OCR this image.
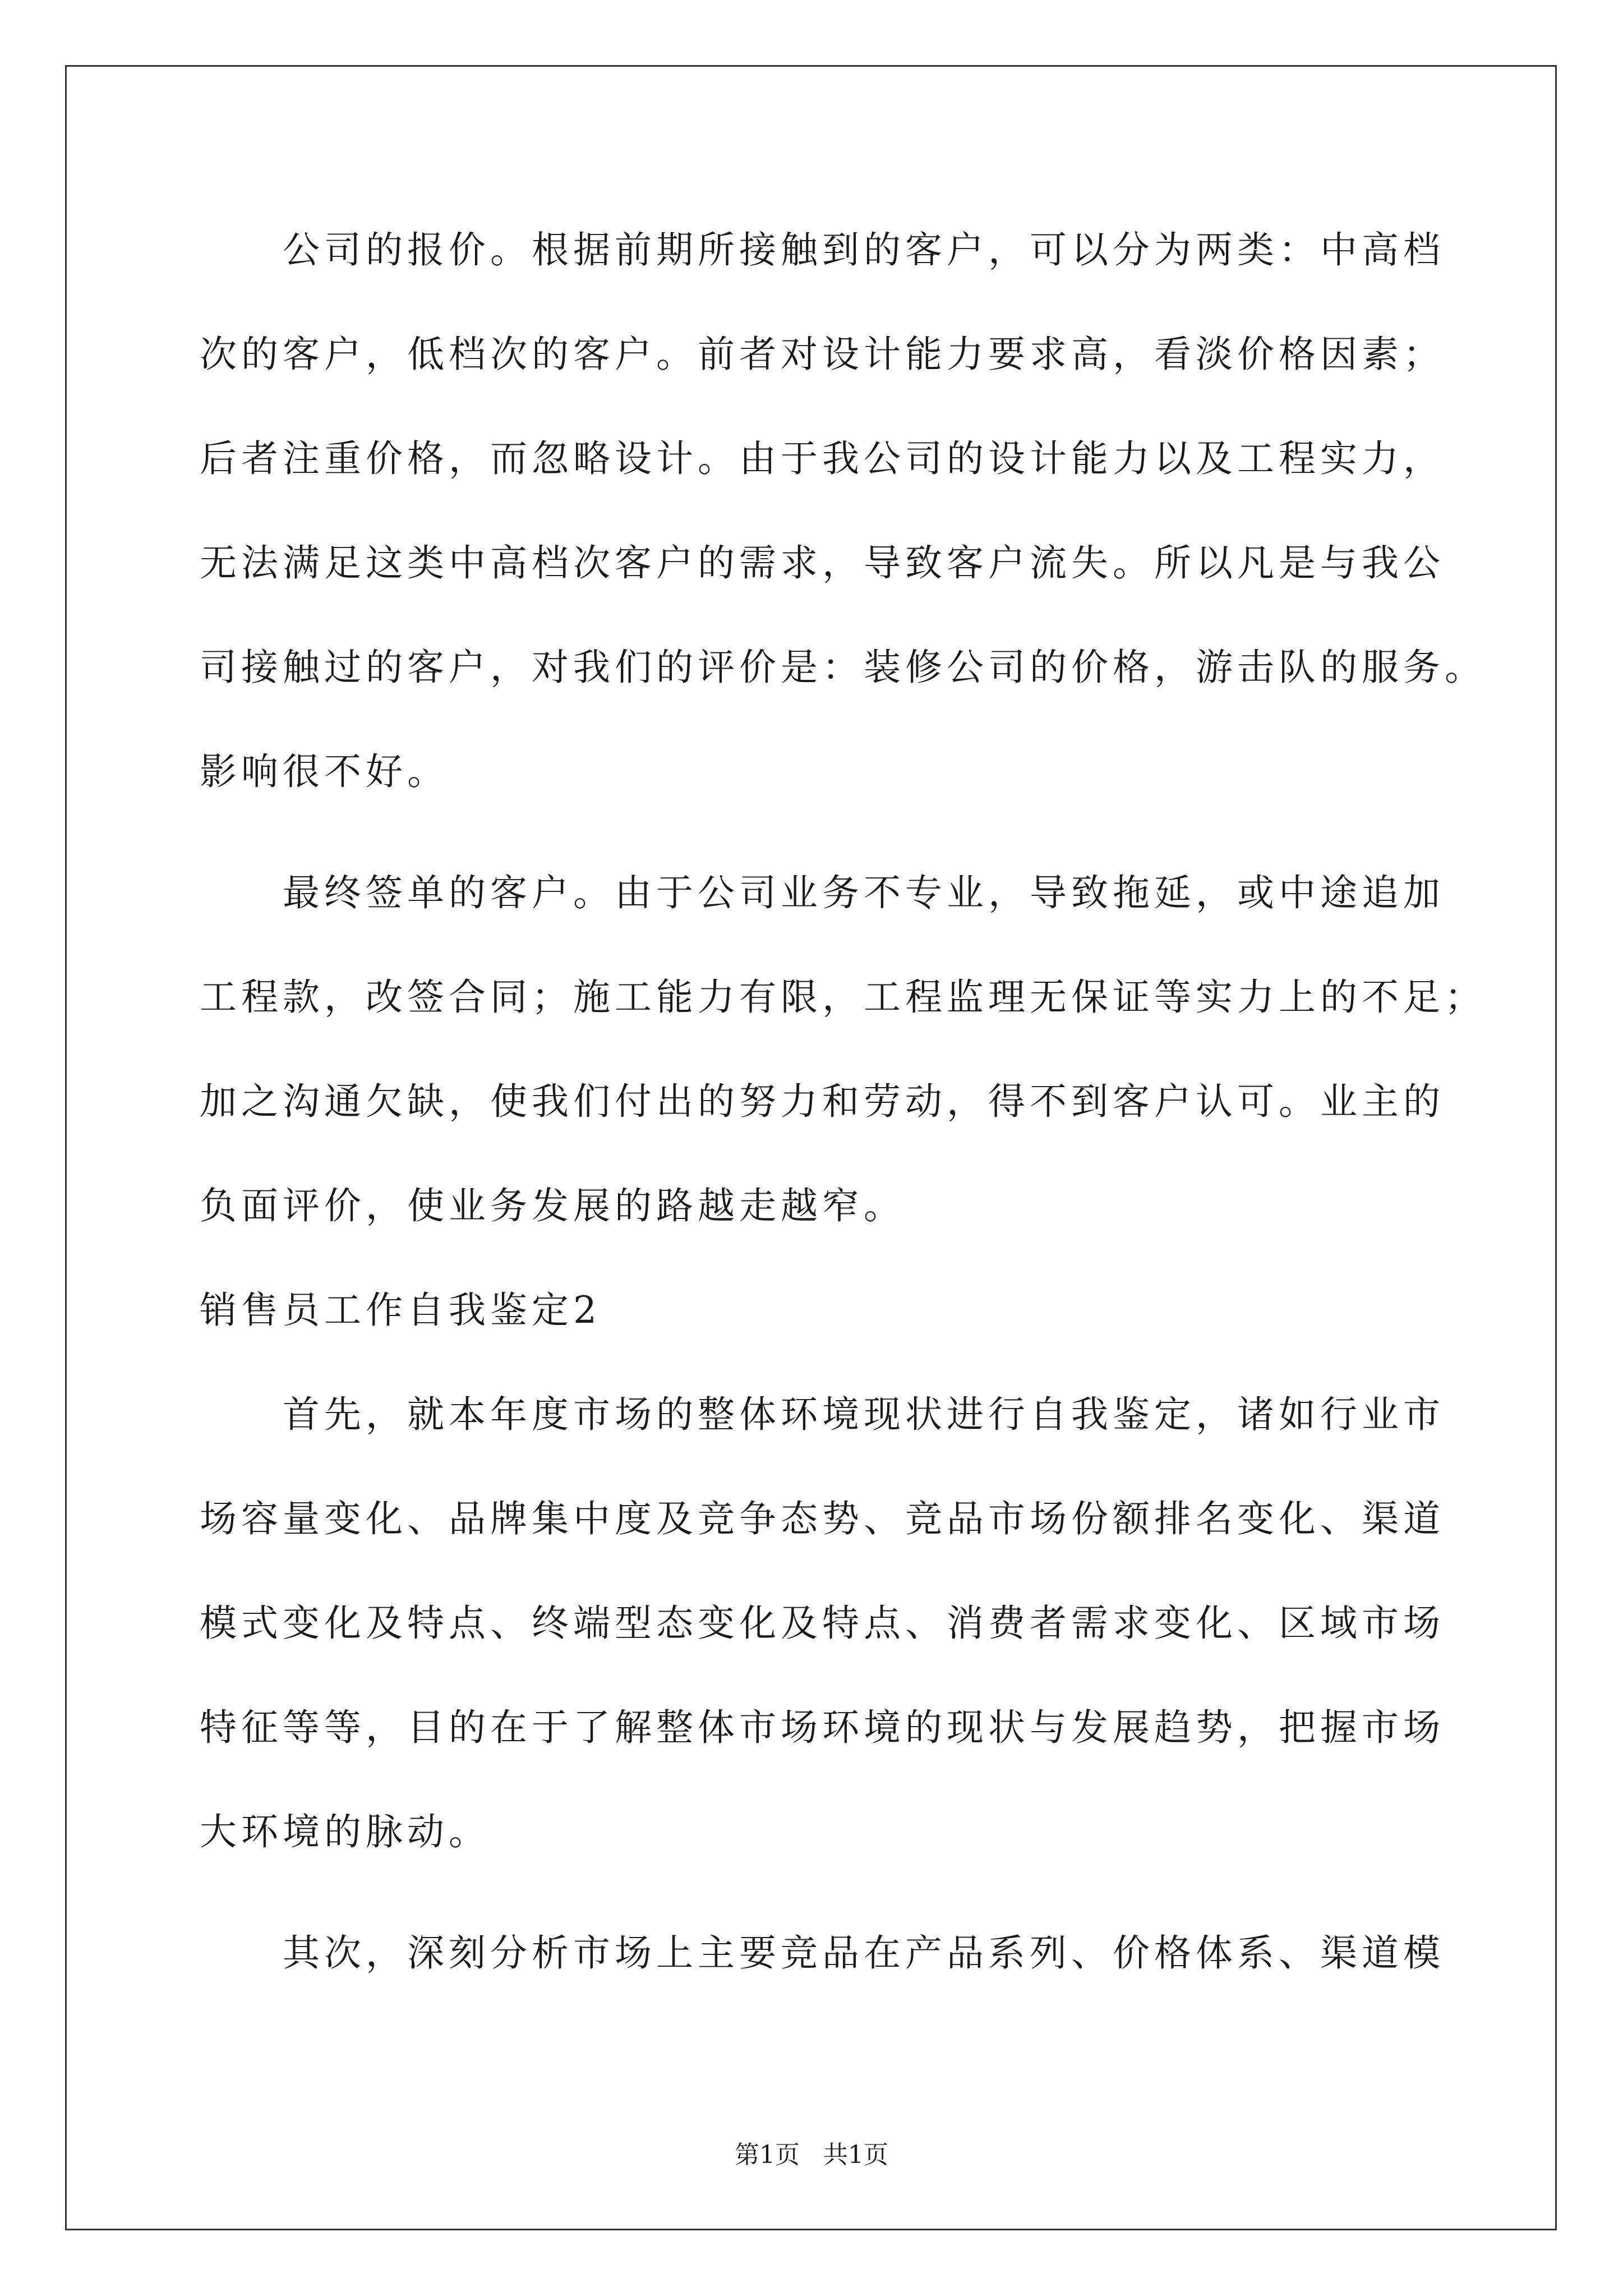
　　公司的报价。根据前期所接触到的客户，可以分为两类：中高档
次的客户，低档次的客户。前者对设计能力要求高，看淡价格因素；
后者注重价格，而忽略设计。由于我公司的设计能力以及工程实力，
无法满足这类中高档次客户的需求，导致客户流失。所以凡是与我公
司接触过的客户，对我们的评价是：装修公司的价格，游击队的服务。
影响很不好。
　　最终签单的客户。由于公司业务不专业，导致拖延，或中途追加
工程款，改签合同；施工能力有限，工程监理无保证等实力上的不足；
加之沟通欠缺，使我们付出的努力和劳动，得不到客户认可。业主的
负面评价，使业务发展的路越走越窄。
销售员工作自我鉴定2
　　首先，就本年度市场的整体环境现状进行自我鉴定，诸如行业市
场容量变化、品牌集中度及竞争态势、竞品市场份额排名变化、渠道
模式变化及特点、终端型态变化及特点、消费者需求变化、区域市场
特征等等，目的在于了解整体市场环境的现状与发展趋势，把握市场
大环境的脉动。
　　其次，深刻分析市场上主要竞品在产品系列、价格体系、渠道模
第1页 共1页
